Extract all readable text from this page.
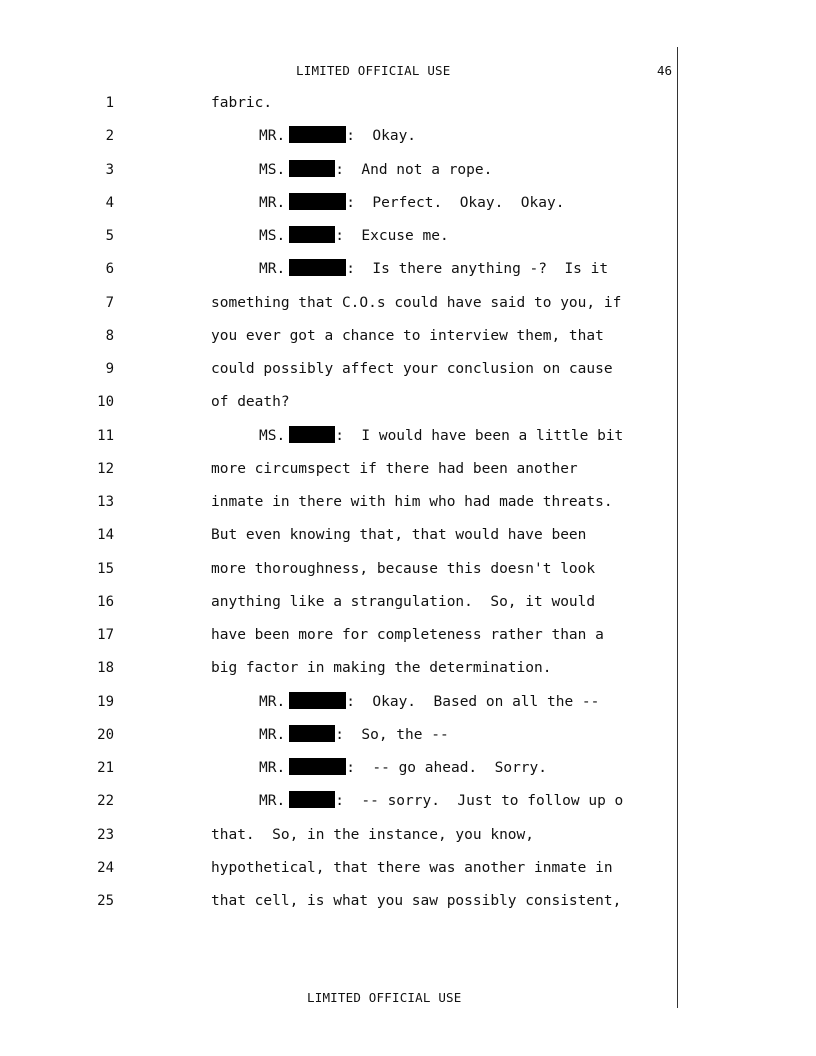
LIMITED OFFICIAL USE	46
1	fabric.
2	MR.	:  Okay.
3	MS.	:  And not a rope.
4	MR.	:  Perfect.  Okay.  Okay.
5	MS.	:  Excuse me.
6	MR.	:  Is there anything -?  Is it
7	something that C.O.s could have said to you, if
8	you ever got a chance to interview them, that
9	could possibly affect your conclusion on cause
10	of death?
11	MS.	:  I would have been a little bit
12	more circumspect if there had been another
13	inmate in there with him who had made threats.
14	But even knowing that, that would have been
15	more thoroughness, because this doesn't look
16	anything like a strangulation.  So, it would
17	have been more for completeness rather than a
18	big factor in making the determination.
19	MR.	:  Okay.  Based on all the --
20	MR.	:  So, the --
21	MR.	:  -- go ahead.  Sorry.
22	MR.	:  -- sorry.  Just to follow up o
23	that.  So, in the instance, you know,
24	hypothetical, that there was another inmate in
25	that cell, is what you saw possibly consistent,
LIMITED OFFICIAL USE
